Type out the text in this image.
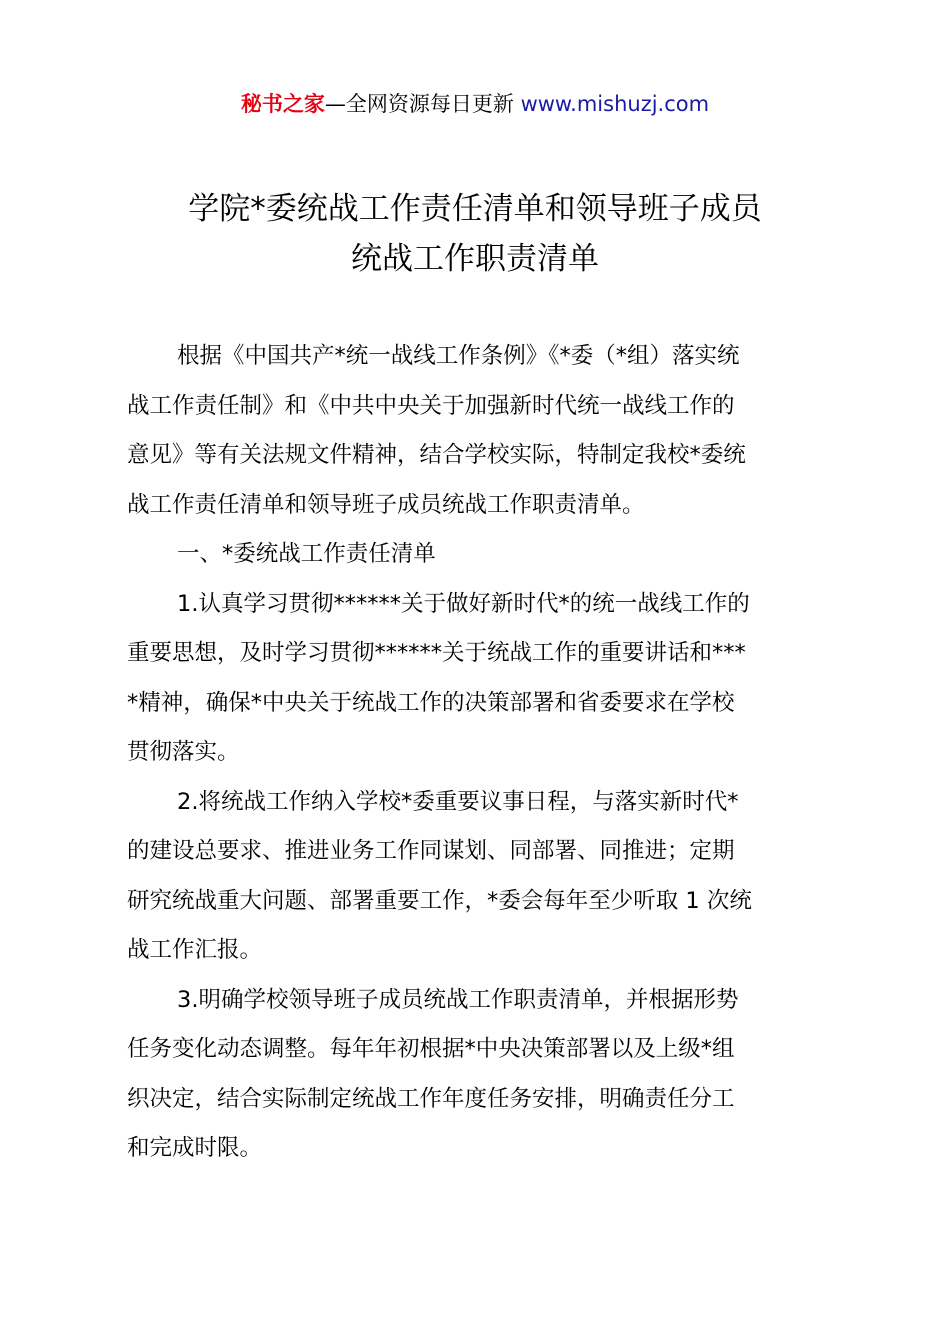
秘书之家—全网资源每日更新 www.mishuzj.com
学院*委统战工作责任清单和领导班子成员
统战工作职责清单

根据《中国共产*统一战线工作条例》《*委（*组）落实统
战工作责任制》和《中共中央关于加强新时代统一战线工作的
意见》等有关法规文件精神，结合学校实际，特制定我校*委统
战工作责任清单和领导班子成员统战工作职责清单。

一、*委统战工作责任清单

1.认真学习贯彻******关于做好新时代*的统一战线工作的
重要思想，及时学习贯彻******关于统战工作的重要讲话和***
*精神，确保*中央关于统战工作的决策部署和省委要求在学校
贯彻落实。

2.将统战工作纳入学校*委重要议事日程，与落实新时代*
的建设总要求、推进业务工作同谋划、同部署、同推进；定期
研究统战重大问题、部署重要工作，*委会每年至少听取 1 次统
战工作汇报。

3.明确学校领导班子成员统战工作职责清单，并根据形势
任务变化动态调整。每年年初根据*中央决策部署以及上级*组
织决定，结合实际制定统战工作年度任务安排，明确责任分工
和完成时限。
